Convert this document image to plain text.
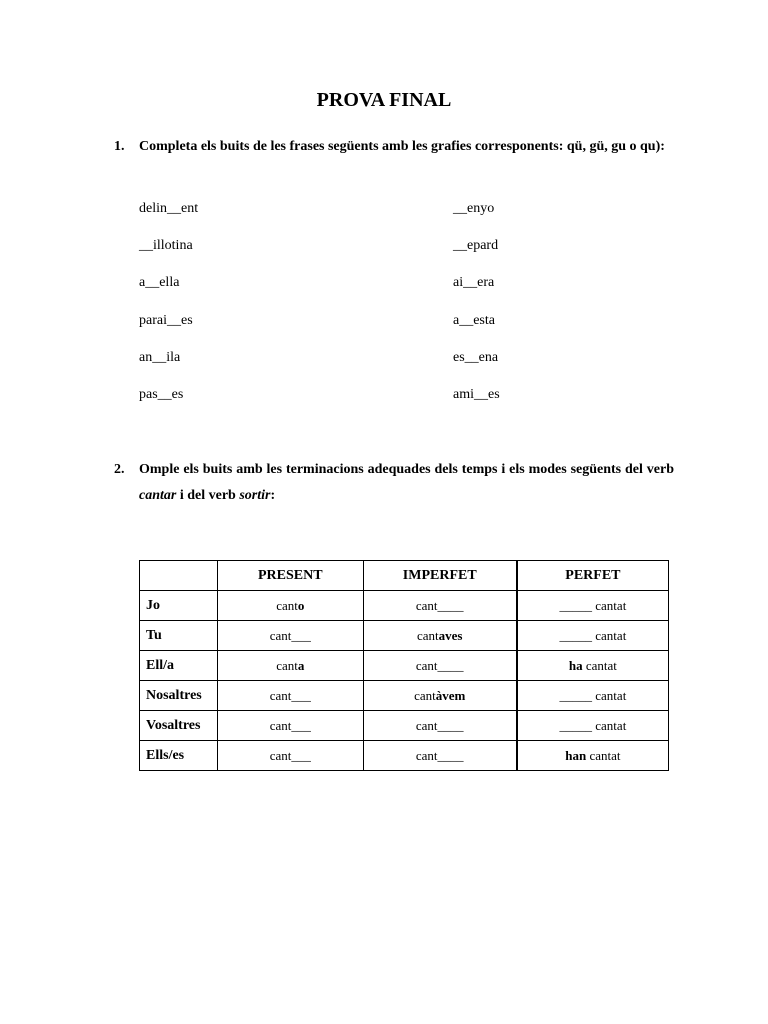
PROVA FINAL
1. Completa els buits de les frases següents amb les grafies corresponents: qü, gü, gu o qu):
delin__ent
__illotina
a__ella
parai__es
an__ila
pas__es
__enyo
__epard
ai__era
a__esta
es__ena
ami__es
2. Omple els buits amb les terminacions adequades dels temps i els modes següents del verb cantar i del verb sortir:
	PRESENT	IMPERFET	PERFET
Jo	canto	cant____	_____ cantat
Tu	cant___	cantaves	_____ cantat
Ell/a	canta	cant____	ha cantat
Nosaltres	cant___	cantàvem	_____ cantat
Vosaltres	cant___	cant____	_____ cantat
Ells/es	cant___	cant____	han cantat
